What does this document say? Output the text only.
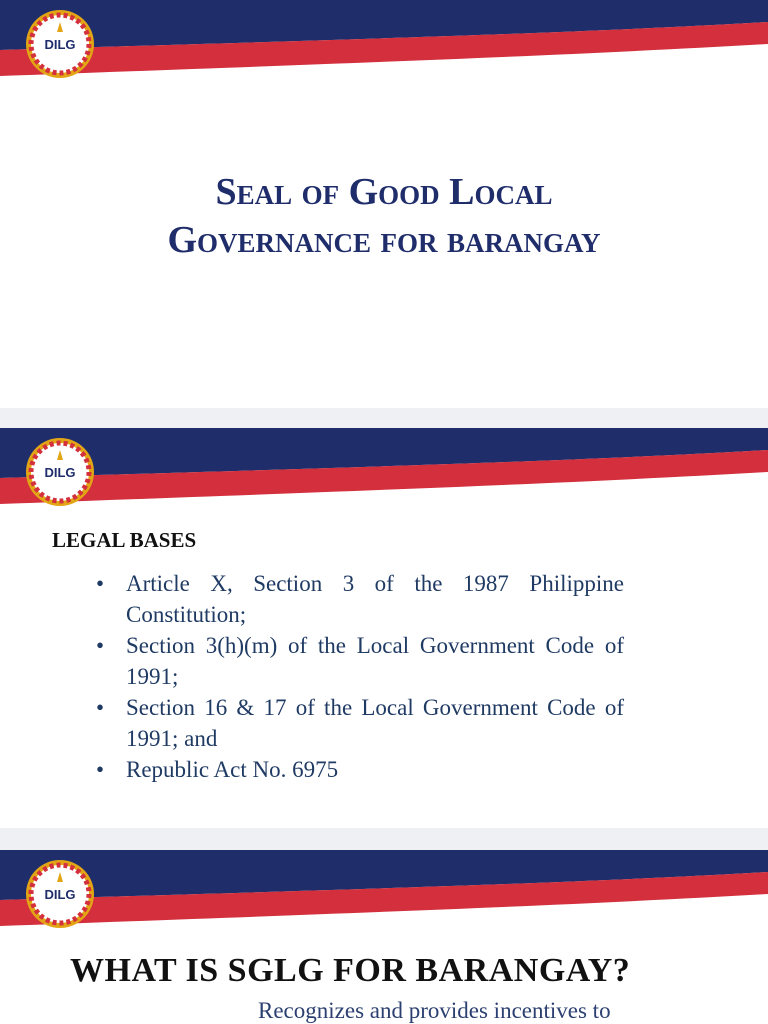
DILG
Seal of Good Local
Governance for barangay
DILG
LEGAL BASES
• Article X, Section 3 of the 1987 Philippine Constitution;
• Section 3(h)(m) of the Local Government Code of 1991;
• Section 16 & 17 of the Local Government Code of 1991; and
• Republic Act No. 6975
DILG
WHAT IS SGLG FOR BARANGAY?

Recognizes and provides incentives to
